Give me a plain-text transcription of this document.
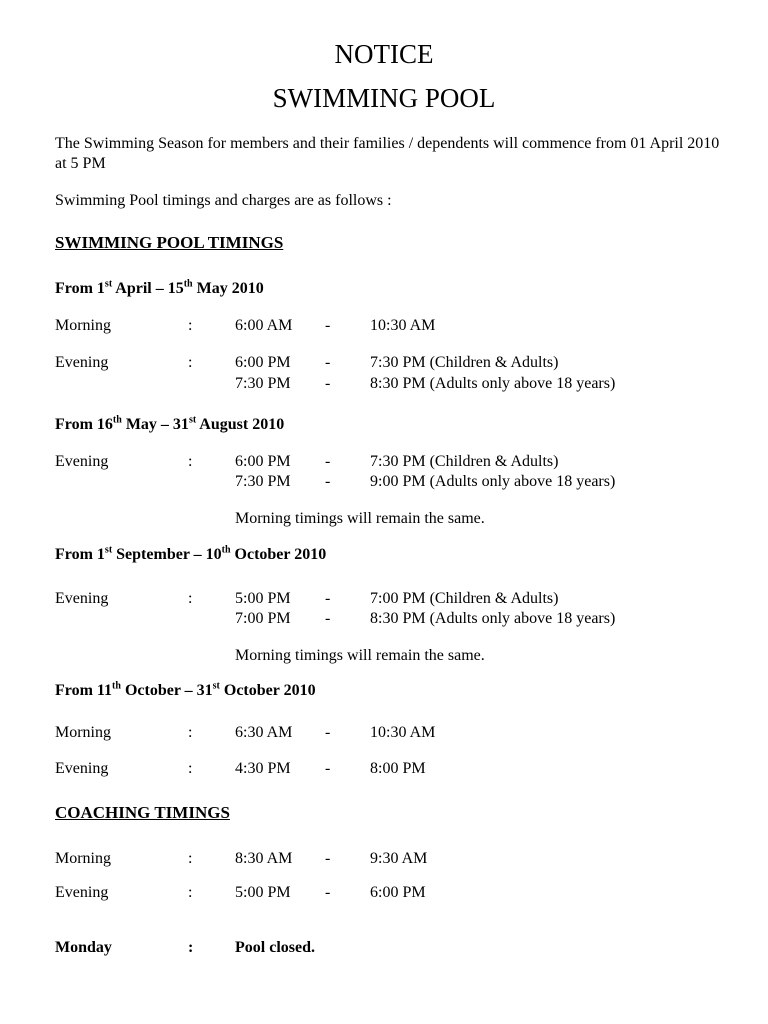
NOTICE
SWIMMING POOL
The Swimming Season for members and their families / dependents will commence from 01 April 2010 at 5 PM
Swimming Pool timings and charges are as follows :
SWIMMING POOL TIMINGS
From 1st April – 15th May 2010
Morning	:	6:00 AM - 10:30 AM
Evening	:	6:00 PM - 7:30 PM (Children & Adults)
7:30 PM - 8:30 PM (Adults only above 18 years)
From 16th May – 31st August 2010
Evening	:	6:00 PM - 7:30 PM (Children & Adults)
7:30 PM - 9:00 PM (Adults only above 18 years)
Morning timings will remain the same.
From 1st September – 10th October 2010
Evening	:	5:00 PM - 7:00 PM (Children & Adults)
7:00 PM - 8:30 PM (Adults only above 18 years)
Morning timings will remain the same.
From 11th October – 31st October 2010
Morning	:	6:30 AM - 10:30 AM
Evening	:	4:30 PM - 8:00 PM
COACHING TIMINGS
Morning	:	8:30 AM - 9:30 AM
Evening	:	5:00 PM - 6:00 PM
Monday	:	Pool closed.
